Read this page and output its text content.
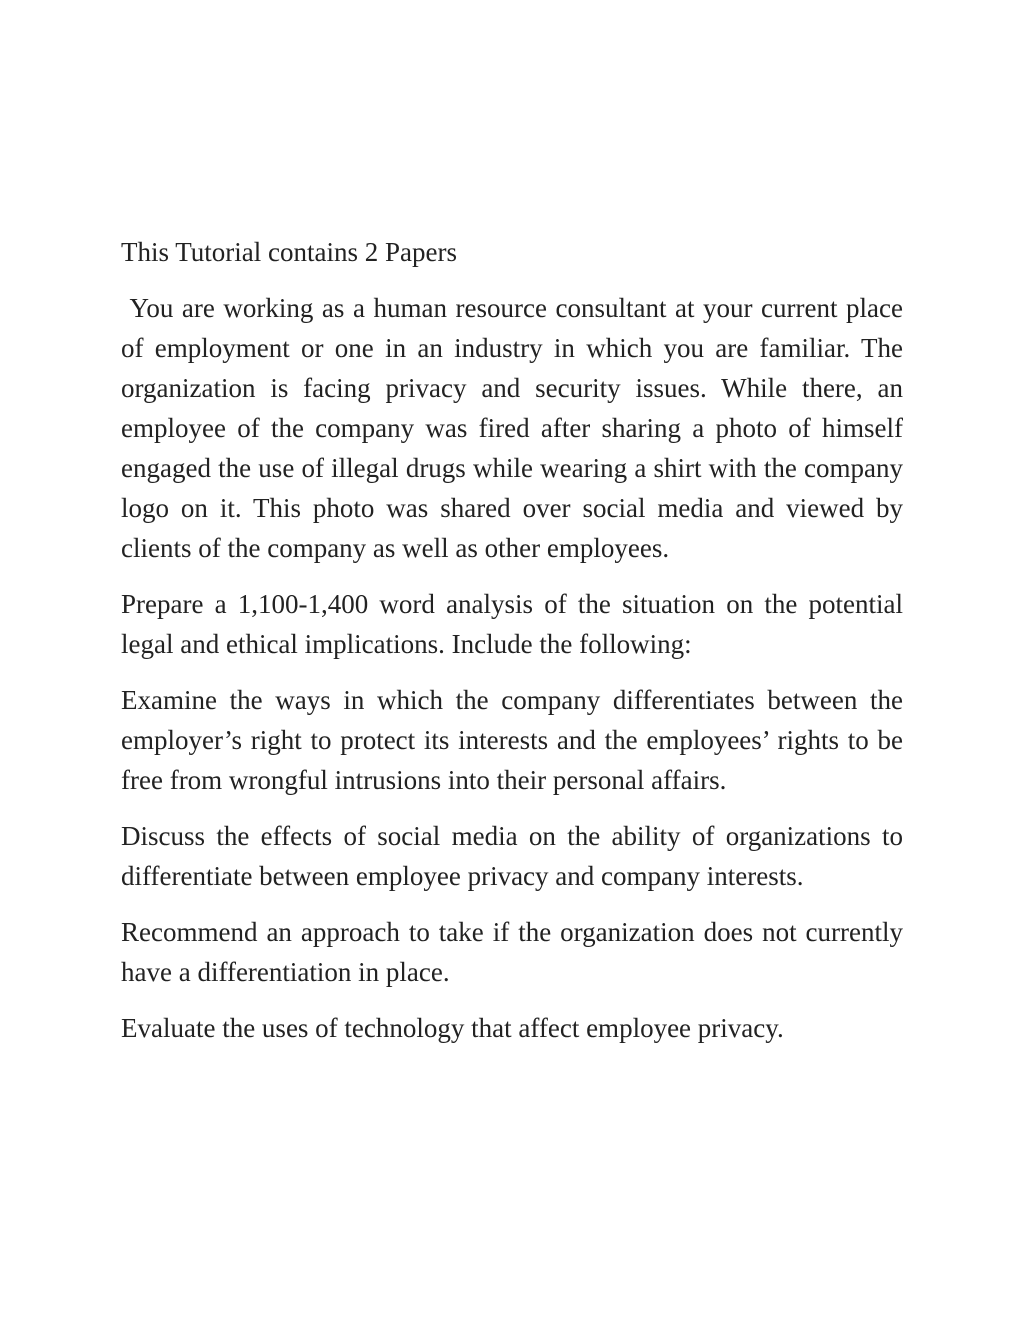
This Tutorial contains 2 Papers

You are working as a human resource consultant at your current place of employment or one in an industry in which you are familiar. The organization is facing privacy and security issues. While there, an employee of the company was fired after sharing a photo of himself engaged the use of illegal drugs while wearing a shirt with the company logo on it. This photo was shared over social media and viewed by clients of the company as well as other employees.

Prepare a 1,100-1,400 word analysis of the situation on the potential legal and ethical implications. Include the following:

Examine the ways in which the company differentiates between the employer’s right to protect its interests and the employees’ rights to be free from wrongful intrusions into their personal affairs.

Discuss the effects of social media on the ability of organizations to differentiate between employee privacy and company interests.

Recommend an approach to take if the organization does not currently have a differentiation in place.

Evaluate the uses of technology that affect employee privacy.
